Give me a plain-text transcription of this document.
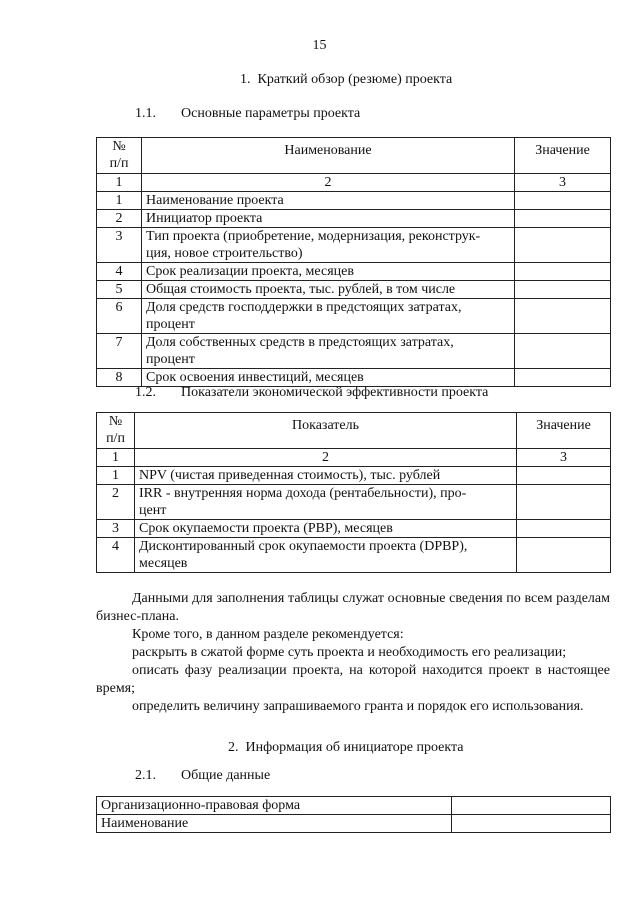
15
1. Краткий обзор (резюме) проекта
1.1. Основные параметры проекта
№
п/п	Наименование	Значение
1	2	3
1	Наименование проекта	
2	Инициатор проекта	
3	Тип проекта (приобретение, модернизация, реконструк-
ция, новое строительство)	
4	Срок реализации проекта, месяцев	
5	Общая стоимость проекта, тыс. рублей, в том числе	
6	Доля средств господдержки в предстоящих затратах,
процент	
7	Доля собственных средств в предстоящих затратах,
процент	
8	Срок освоения инвестиций, месяцев	
1.2. Показатели экономической эффективности проекта
№
п/п	Показатель	Значение
1	2	3
1	NPV (чистая приведенная стоимость), тыс. рублей	
2	IRR - внутренняя норма дохода (рентабельности), про-
цент	
3	Срок окупаемости проекта (PBP), месяцев	
4	Дисконтированный срок окупаемости проекта (DPBP),
месяцев	
Данными для заполнения таблицы служат основные сведения по всем разделам бизнес-плана.
Кроме того, в данном разделе рекомендуется:
раскрыть в сжатой форме суть проекта и необходимость его реализации;
описать фазу реализации проекта, на которой находится проект в настоящее время;
определить величину запрашиваемого гранта и порядок его использования.
2. Информация об инициаторе проекта
2.1. Общие данные
Организационно-правовая форма	
Наименование	
